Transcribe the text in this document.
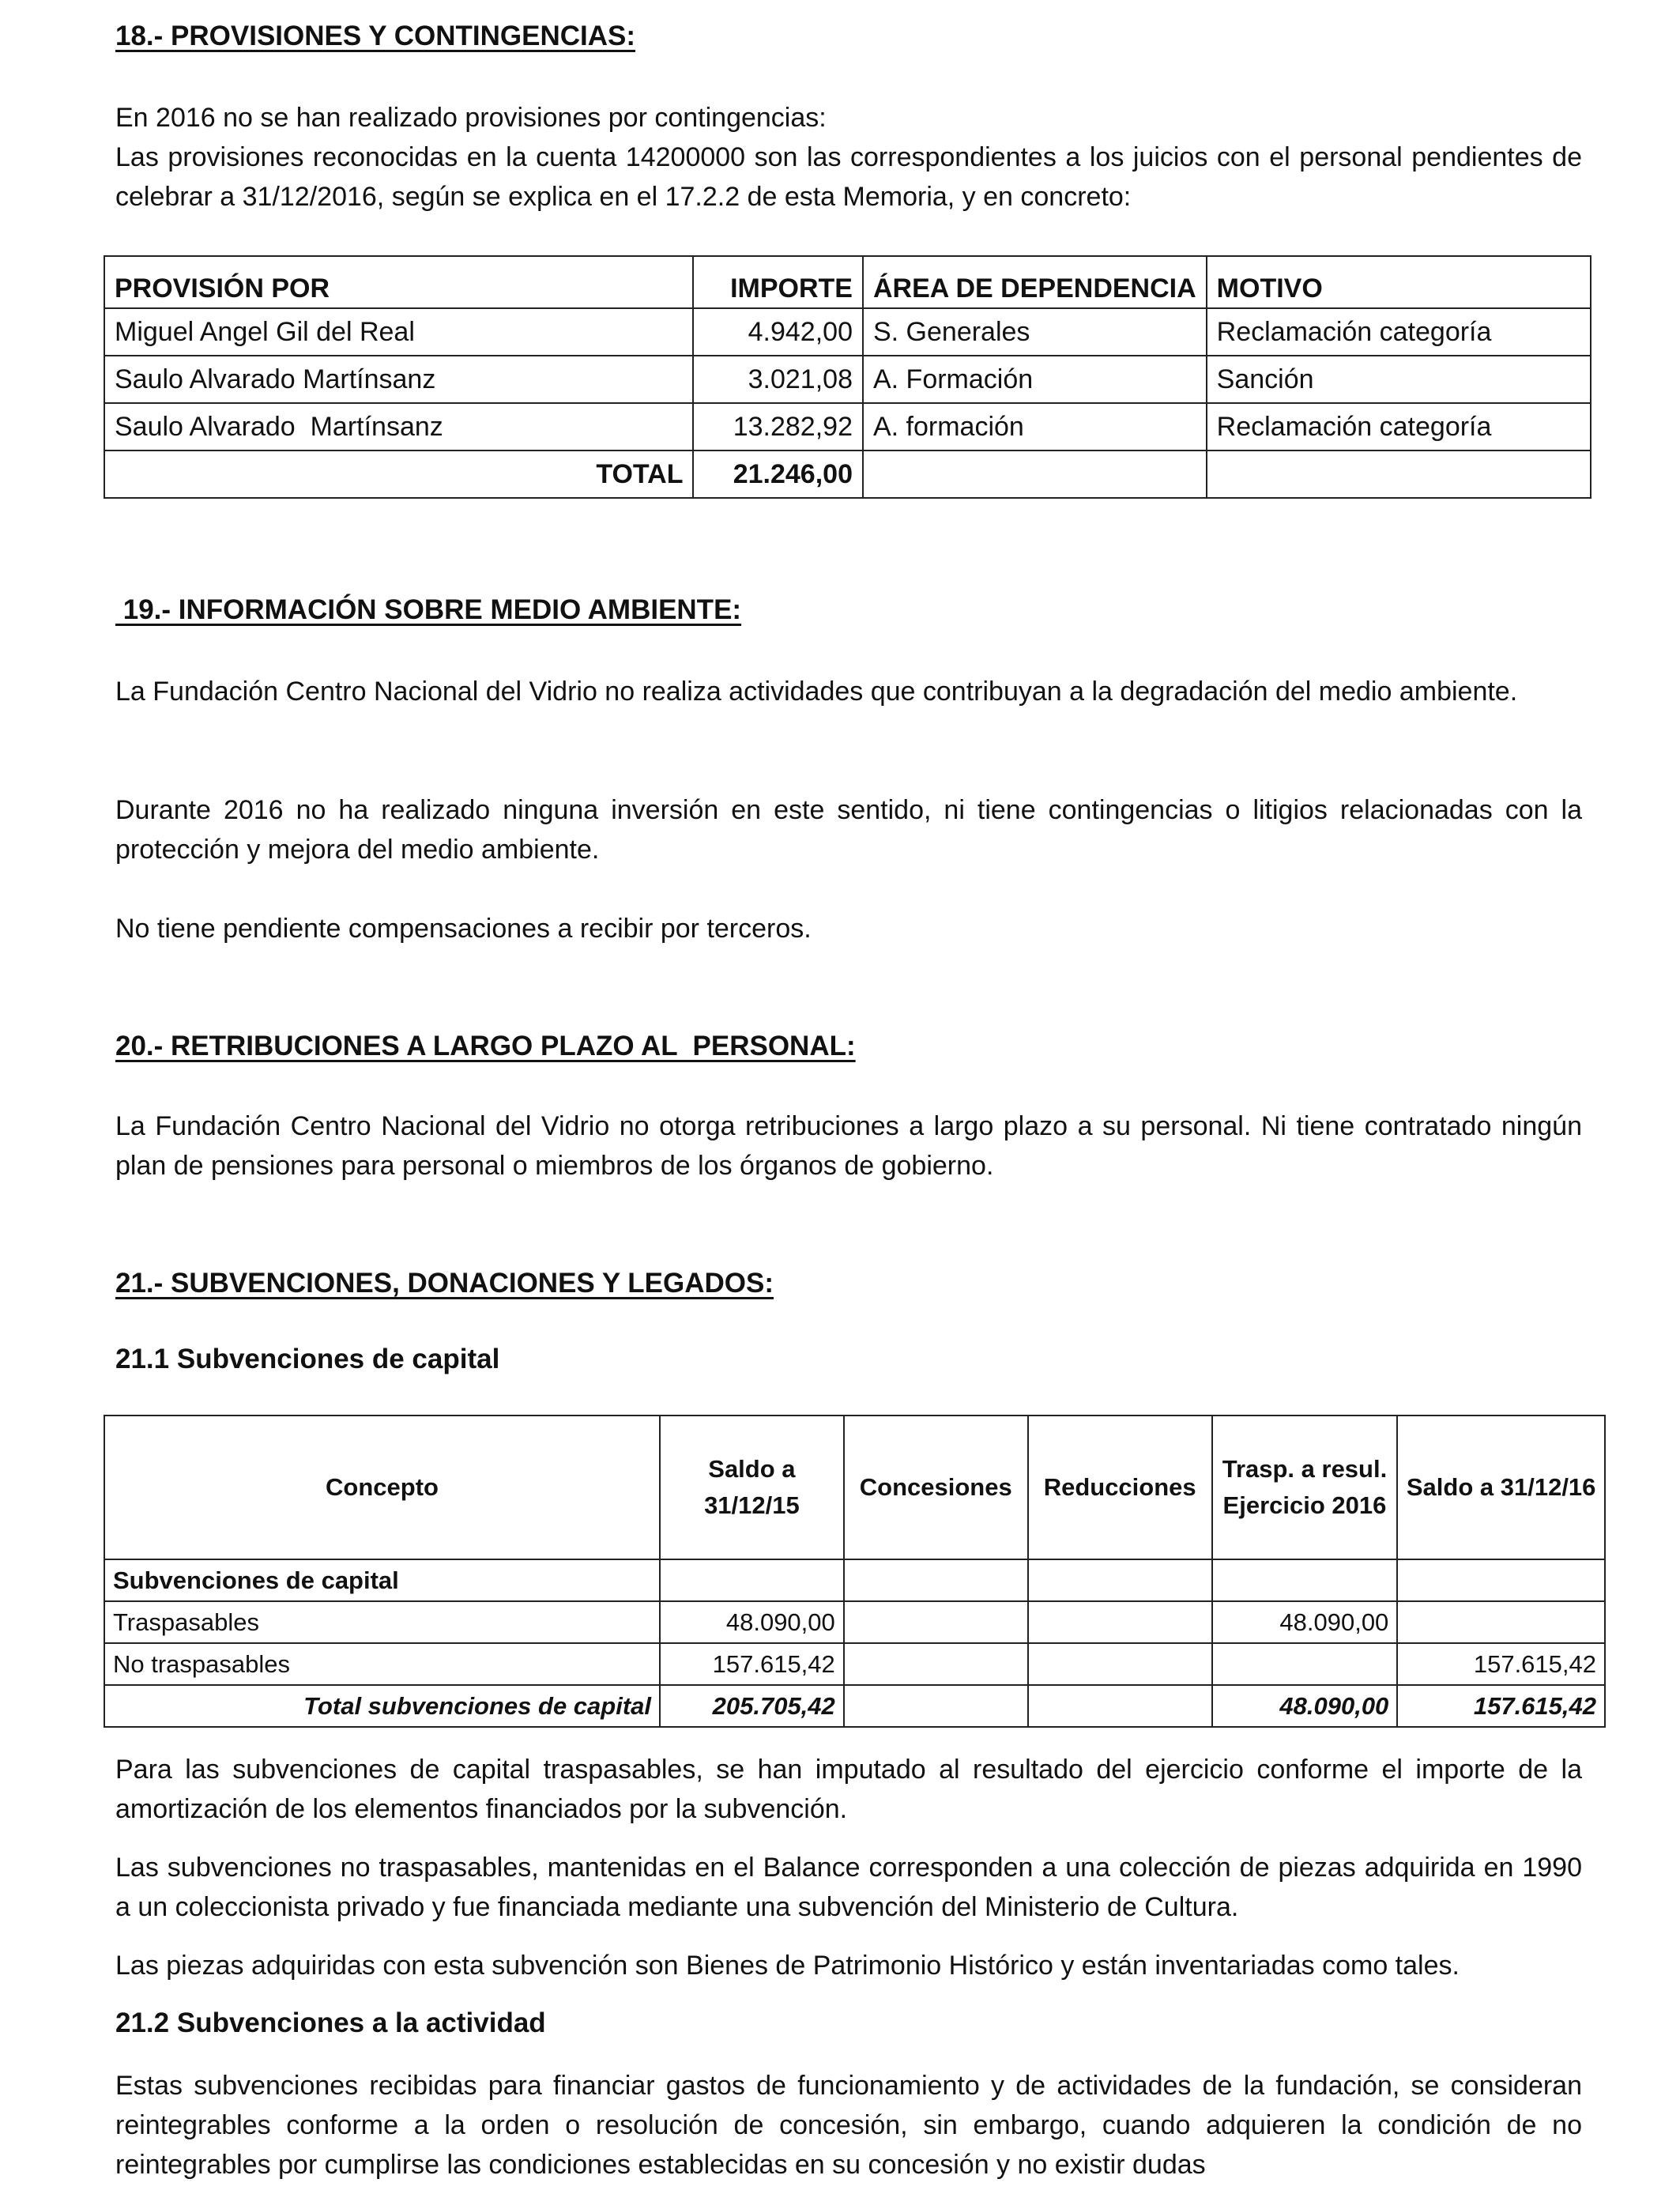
18.- PROVISIONES Y CONTINGENCIAS:

En 2016 no se han realizado provisiones por contingencias:

Las provisiones reconocidas en la cuenta 14200000 son las correspondientes a los juicios con el personal pendientes de celebrar a 31/12/2016, según se explica en el 17.2.2 de esta Memoria, y en concreto:

PROVISIÓN POR	IMPORTE	ÁREA DE DEPENDENCIA	MOTIVO
Miguel Angel Gil del Real	4.942,00	S. Generales	Reclamación categoría
Saulo Alvarado Martínsanz	3.021,08	A. Formación	Sanción
Saulo Alvarado  Martínsanz	13.282,92	A. formación	Reclamación categoría
TOTAL	21.246,00		
19.- INFORMACIÓN SOBRE MEDIO AMBIENTE:

La Fundación Centro Nacional del Vidrio no realiza actividades que contribuyan a la degradación del medio ambiente.

Durante 2016 no ha realizado ninguna inversión en este sentido, ni tiene contingencias o litigios relacionadas con la protección y mejora del medio ambiente.

No tiene pendiente compensaciones a recibir por terceros.

20.- RETRIBUCIONES A LARGO PLAZO AL  PERSONAL:

La Fundación Centro Nacional del Vidrio no otorga retribuciones a largo plazo a su personal. Ni tiene contratado ningún plan de pensiones para personal o miembros de los órganos de gobierno.

21.- SUBVENCIONES, DONACIONES Y LEGADOS:
21.1 Subvenciones de capital
Concepto	Saldo a 31/12/15	Concesiones	Reducciones	Trasp. a resul. Ejercicio 2016	Saldo a 31/12/16
Subvenciones de capital					
Traspasables	48.090,00			48.090,00	
No traspasables	157.615,42				157.615,42
Total subvenciones de capital	205.705,42			48.090,00	157.615,42

Para las subvenciones de capital traspasables, se han imputado al resultado del ejercicio conforme el importe de la amortización de los elementos financiados por la subvención.

Las subvenciones no traspasables, mantenidas en el Balance corresponden a una colección de piezas adquirida en 1990 a un coleccionista privado y fue financiada mediante una subvención del Ministerio de Cultura.

Las piezas adquiridas con esta subvención son Bienes de Patrimonio Histórico y están inventariadas como tales.

21.2 Subvenciones a la actividad

Estas subvenciones recibidas para financiar gastos de funcionamiento y de actividades de la fundación, se consideran reintegrables conforme a la orden o resolución de concesión, sin embargo, cuando adquieren la condición de no reintegrables por cumplirse las condiciones establecidas en su concesión y no existir dudas
